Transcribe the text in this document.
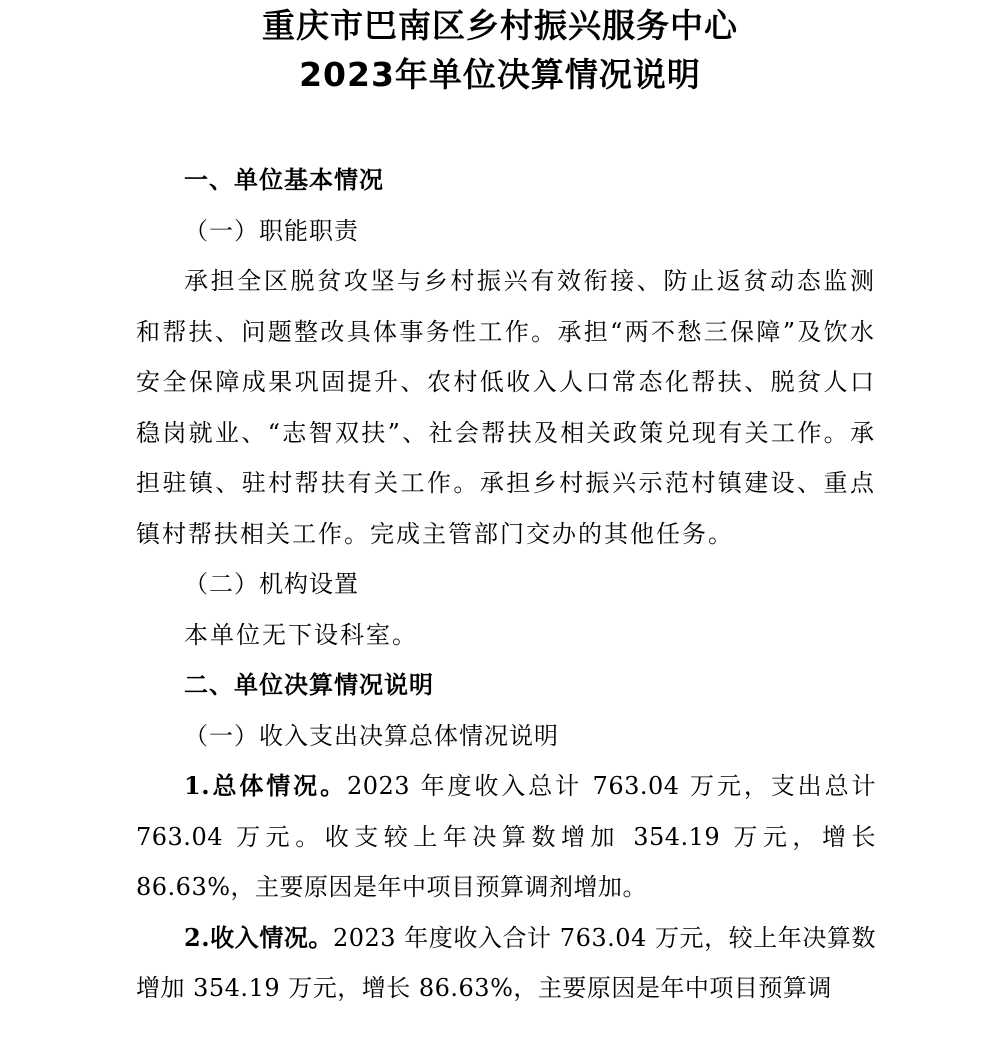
重庆市巴南区乡村振兴服务中心
2023年单位决算情况说明

一、单位基本情况

（一）职能职责

承担全区脱贫攻坚与乡村振兴有效衔接、防止返贫动态监测和帮扶、问题整改具体事务性工作。承担“两不愁三保障”及饮水安全保障成果巩固提升、农村低收入人口常态化帮扶、脱贫人口稳岗就业、“志智双扶”、社会帮扶及相关政策兑现有关工作。承担驻镇、驻村帮扶有关工作。承担乡村振兴示范村镇建设、重点镇村帮扶相关工作。完成主管部门交办的其他任务。

（二）机构设置

本单位无下设科室。

二、单位决算情况说明

（一）收入支出决算总体情况说明

1.总体情况。2023 年度收入总计 763.04 万元，支出总计 763.04 万元。收支较上年决算数增加 354.19 万元，增长 86.63%，主要原因是年中项目预算调剂增加。

2.收入情况。2023 年度收入合计 763.04 万元，较上年决算数增加 354.19 万元，增长 86.63%，主要原因是年中项目预算调
